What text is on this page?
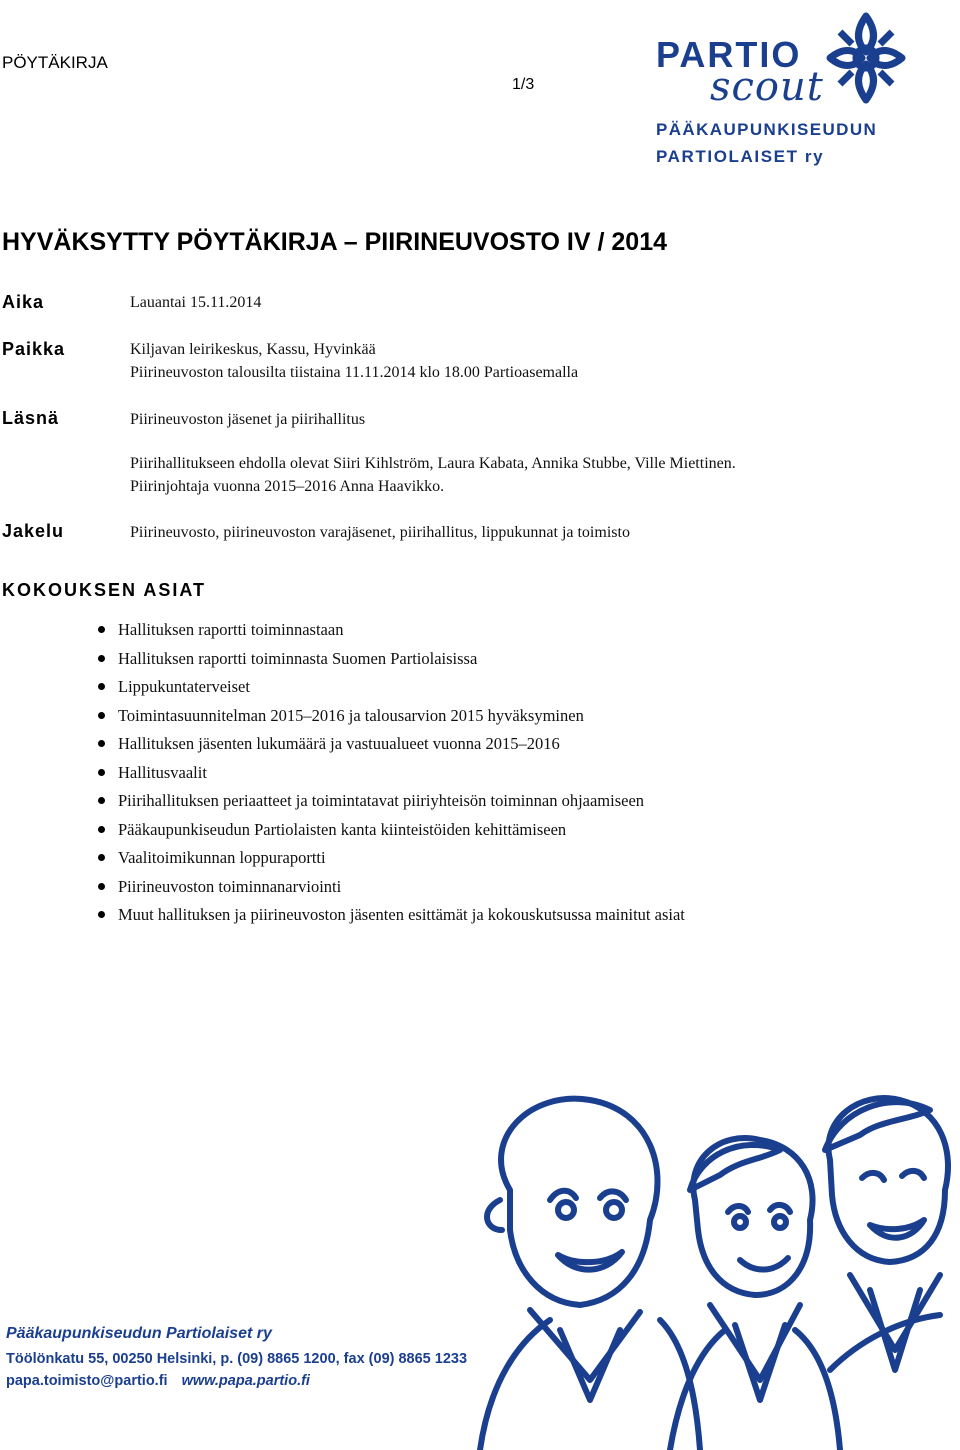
PÖYTÄKIRJA
1/3
PARTIO
scout
PÄÄKAUPUNKISEUDUN
PARTIOLAISET ry
HYVÄKSYTTY PÖYTÄKIRJA – PIIRINEUVOSTO IV / 2014
Aika	Lauantai 15.11.2014
Paikka	Kiljavan leirikeskus, Kassu, Hyvinkää
Piirineuvoston talousilta tiistaina 11.11.2014 klo 18.00 Partioasemalla
Läsnä	Piirineuvoston jäsenet ja piirihallitus
Piirihallitukseen ehdolla olevat Siiri Kihlström, Laura Kabata, Annika Stubbe, Ville Miettinen.
Piirinjohtaja vuonna 2015–2016 Anna Haavikko.
Jakelu	Piirineuvosto, piirineuvoston varajäsenet, piirihallitus, lippukunnat ja toimisto
KOKOUKSEN ASIAT
Hallituksen raportti toiminnastaan
Hallituksen raportti toiminnasta Suomen Partiolaisissa
Lippukuntaterveiset
Toimintasuunnitelman 2015–2016 ja talousarvion 2015 hyväksyminen
Hallituksen jäsenten lukumäärä ja vastuualueet vuonna 2015–2016
Hallitusvaalit
Piirihallituksen periaatteet ja toimintatavat piiriyhteisön toiminnan ohjaamiseen
Pääkaupunkiseudun Partiolaisten kanta kiinteistöiden kehittämiseen
Vaalitoimikunnan loppuraportti
Piirineuvoston toiminnanarviointi
Muut hallituksen ja piirineuvoston jäsenten esittämät ja kokouskutsussa mainitut asiat
Pääkaupunkiseudun Partiolaiset ry
Töölönkatu 55, 00250 Helsinki, p. (09) 8865 1200, fax (09) 8865 1233
papa.toimisto@partio.fi www.papa.partio.fi
